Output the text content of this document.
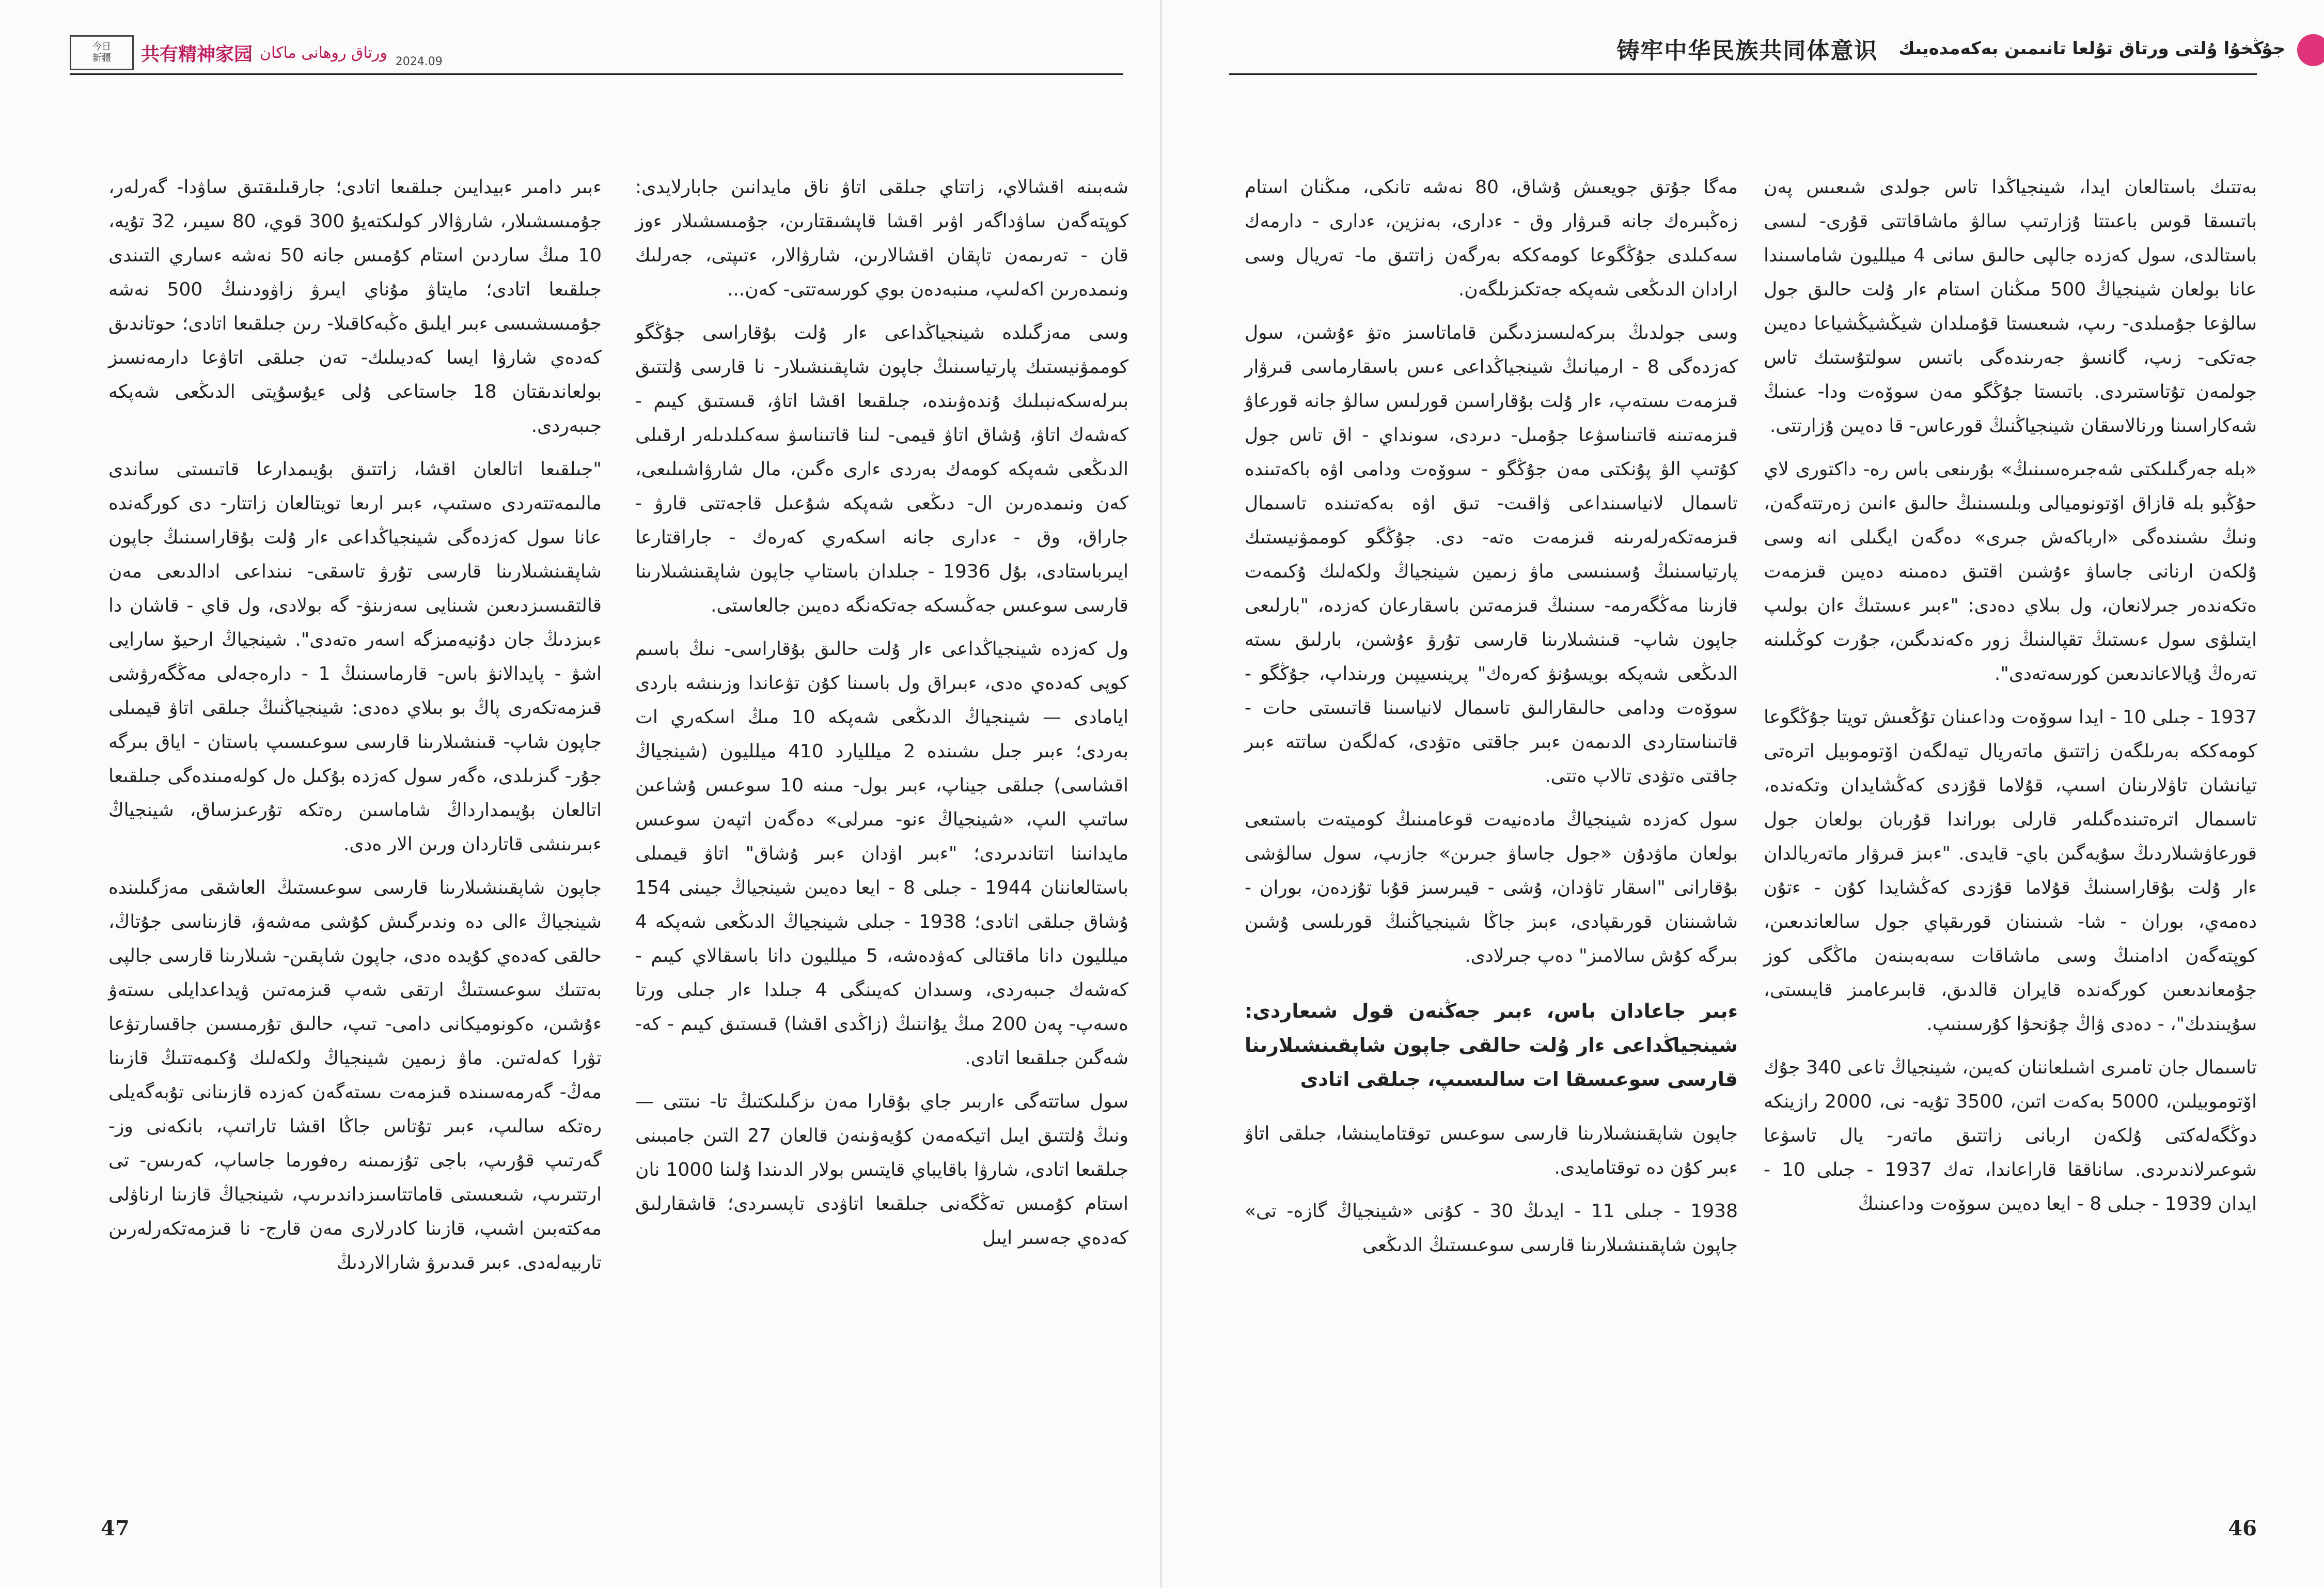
今日
新疆 共有精神家园 ورتاق روھانى ماكان 2024.09

شەبىنە اقشالاي، زاتتاي جىلقى اتاۋ ناق مايدانىن جابارلايدى: كوپتەگەن ساۋداگەر اۋىر اقشا قاپشىقتارىن، جۇمىسشىلار ءوز قان - تەرىمەن تاپقان اقشالارىن، شارۋالار، ءتىپتى، جەرلىك ونىمدەرىن اكەلىپ، مىنبەدەن بوي كورسەتتى- كەن...

وسى مەزگىلدە شينجياڭداعى ءار ۇلت بۇقاراسى جۇڭگو كوممۋنيستىك پارتياسىنىڭ جاپون شاپقىنشىلار- نا قارسى ۇلتتىق بىرلەسكەنبىلىك ۇندەۋىندە، جىلقىعا اقشا اتاۋ، قىستىق كيىم - كەشەك اتاۋ، ۇشاق اتاۋ قيمى- لىنا قاتىناسۋ سەكىلدىلەر ارقىلى الدىڭعى شەپكە كومەك بەردى ءارى ەگىن، مال شارۋاشىلىعى، كەن ونىمدەرىن ال- دىڭعى شەپكە شۇعىل قاجەتتى قارۋ - جاراق، وق - ءدارى جانە اسكەري كەرەك - جاراقتارعا ايىرباستادى، بۇل 1936 - جىلدان باستاپ جاپون شاپقىنشىلارىنا قارسى سوعىس جەڭىسكە جەتكەنگە دەيىن جالعاستى.

ول كەزدە شينجياڭداعى ءار ۇلت حالىق بۇقاراسى- نىڭ باسىم كوپى كەدەي ەدى، ءبىراق ول باسىنا كۇن تۋعاندا وزىنشە باردى ايامادى — شينجياڭ الدىڭعى شەپكە 10 مىڭ اسكەري ات بەردى؛ ءبىر جىل ىشىندە 2 ميلليارد 410 ميلليون (شينجياڭ اقشاسى) جىلقى جيناپ، ءبىر بول- مىنە 10 سوعىس ۇشاعىن ساتىپ الىپ، «شينجياڭ ءنو- مىرلى» دەگەن اتپەن سوعىس مايدانىنا اتتاندىردى؛ "ءبىر اۋدان ءبىر ۇشاق" اتاۋ قيمىلى باستالعاننان 1944 - جىلى 8 - ايعا دەيىن شينجياڭ جيىنى 154 ۇشاق جىلقى اتادى؛ 1938 - جىلى شينجياڭ الدىڭعى شەپكە 4 ميلليون دانا ماقتالى كەۋدەشە، 5 ميلليون دانا باسقالاي كيىم - كەشەك جىبەردى، وسىدان كەيىنگى 4 جىلدا ءار جىلى ورتا ەسەپ- پەن 200 مىڭ يۇاننىڭ (زاڭدى اقشا) قىستىق كيىم - كە- شەگىن جىلقىعا اتادى.

سول ساتتەگى ءاربىر جاي بۇقارا مەن ىزگىلىكتىڭ تا- نىتتى — ونىڭ ۇلتتىق ايىل اتيكەمەن كۇيەۋىنەن قالعان 27 التىن جامبىنى جىلقىعا اتادى، شارۋا باقايباي قايتىس بولار الدىندا ۇلىنا 1000 نان استام كۇمىس تەڭگەنى جىلقىعا اتاۋدى تاپسىردى؛ قاشقارلىق كەدەي جەسىر ايىل

ءبىر دامىر ءبيدايىن جىلقىعا اتادى؛ جارقىلىقتىق ساۋدا- گەرلەر، جۇمىسشىلار، شارۋالار كولىكتەيۇ 300 قوي، 80 سيىر، 32 تۇيە، 10 مىڭ ساردىن استام كۇمىس جانە 50 نەشە ءساري التىندى جىلقىعا اتادى؛ مايتاۋ مۇناي ايىرۋ زاۋودىنىڭ 500 نەشە جۇمىسشىسى ءبىر ايلىق ەڭبەكاقىلا- رىن جىلقىعا اتادى؛ حوتاندىق كەدەي شارۋا ايسا كەديىلىك- تەن جىلقى اتاۋعا دارمەنسىز بولعاندىقتان 18 جاستاعى ۇلى ءيۇسۇپتى الدىڭعى شەپكە جىبەردى.

"جىلقىعا اتالعان اقشا، زاتتىق بۇيىمدارعا قاتىستى ساندى مالىمەتتەردى ەستىپ، ءبىر ارىعا تويتالعان زاتتار- دى كورگەندە عانا سول كەزدەگى شينجياڭداعى ءار ۇلت بۇقاراسىنىڭ جاپون شاپقىنشىلارىنا قارسى تۇرۋ تاسقى- نىنداعى ادالدىعى مەن قالتقىسىزدىعىن شىنايى سەزىنۋ- گە بولادى، ول قاي - قاشان دا ءبىزدىڭ جان دۇنيەمىزگە اسەر ەتەدى". شينجياڭ ارحيۆ سارايى اشۋ - پايدالانۋ باس- قارماسىنىڭ 1 - دارەجەلى مەڭگەرۋشى قىزمەتكەرى پاڭ بو بىلاي دەدى: شينجياڭنىڭ جىلقى اتاۋ قيمىلى جاپون شاپ- قىنشىلارىنا قارسى سوعىسىپ باستان - اياق بىرگە جۇر- گىزىلدى، ەگەر سول كەزدە بۇكىل ەل كولەمىندەگى جىلقىعا اتالعان بۇيىمدارداڭ شاماسىن رەتكە تۇرعىزساق، شينجياڭ ءبىرىنشى قاتاردان ورىن الار ەدى.

جاپون شاپقىنشىلارىنا قارسى سوعىستىڭ العاشقى مەزگىلىندە شينجياڭ ءالى دە وندىرگىش كۇشى مەشەۋ، قازىناسى جۇتاڭ، حالقى كەدەي كۇيدە ەدى، جاپون شاپقىن- شىلارىنا قارسى جالپى بەتتىك سوعىستىڭ ارتقى شەپ قىزمەتىن ۋيداعدايلى ىستەۋ ءۇشىن، ەكونوميكانى دامى- تىپ، حالىق تۇرمىسىن جاقسارتۋعا تۋرا كەلەتىن. ماۋ زىمين شينجياڭ ولكەلىك ۇكىمەتتىڭ قازىنا مەڭ- گەرمەسىندە قىزمەت ىستەگەن كەزدە قازىنانى تۇبەگەيلى رەتكە سالىپ، ءبىر تۇتاس جاڭا اقشا تاراتىپ، بانكەنى وز- گەرتىپ قۇرىپ، باجى تۇزىمىنە رەفورما جاساپ، كەرىس- تى ارتتىرىپ، شىعىستى قاماتتاسىزداندىرىپ، شينجياڭ قازىنا ارناۋلى مەكتەبىن اشىپ، قازىنا كادرلارى مەن قارج- نا قىزمەتكەرلەرىن تاربيەلەدى. ءبىر قىدىرۋ شارالاردىڭ

47
铸牢中华民族共同体意识 جۇڭخۇا ۇلتى ورتاق تۇلعا تانىمىن بەكەمدەيىك

مەگا جۇتق جويعىش ۇشاق، 80 نەشە تانكى، مىڭنان استام زەڭبىرەك جانە قىرۋار وق - ءدارى، بەنزين، ءدارى - دارمەك سەكىلدى جۇڭگوعا كومەككە بەرگەن زاتتىق ما- تەريال وسى ارادان الدىڭعى شەپكە جەتكىزىلگەن.

وسى جولدىڭ بىركەلىسىزدىگىن قاماتاسىز ەتۋ ءۇشىن، سول كەزدەگى 8 - ارميانىڭ شينجياڭداعى ءىس باسقارماسى قىرۋار قىزمەت ىستەپ، ءار ۇلت بۇقاراسىن قورلىس سالۋ جانە قورعاۋ قىزمەتىنە قاتىناسۋعا جۇمىل- دىردى، سونداي - اق تاس جول كۇتىپ الۋ پۇنكتى مەن جۇڭگو - سوۆەت ودامى اۋە باكەتىندە تاسمال لانياسىنداعى ۋاقىت- تىق اۋە بەكەتىندە تاسىمال قىزمەتكەرلەرىنە قىزمەت ەتە- دى. جۇڭگو كوممۋنيستىك پارتياسىنىڭ ۇسىنىسى ماۋ زىمين شينجياڭ ولكەلىك ۇكىمەت قازىنا مەڭگەرمە- سىنىڭ قىزمەتىن باسقارعان كەزدە، "بارلىعى جاپون شاپ- قىنشىلارىنا قارسى تۇرۋ ءۇشىن، بارلىق ىستە الدىڭعى شەپكە بويسۇنۋ كەرەك" پرينسيپىن ورىنداپ، جۇڭگو - سوۆەت ودامى حالىقارالىق تاسمال لانياسىنا قاتىستى حات - قاتىناستاردى الدىمەن ءبىر جاقتى ەتۋدى، كەلگەن ساتتە ءبىر جاقتى ەتۋدى تالاپ ەتتى.

سول كەزدە شينجياڭ مادەنيەت قوعامىنىڭ كوميتەت باستىعى بولعان ماۋدۇن «جول جاساۋ جىرىن» جازىپ، سول سالۋشى بۇقارانى "اسقار تاۋدان، ۇشى - قيىرسىز قۇبا تۇزدەن، بوران - شاشىننان قورىقپادى، ءبىز جاڭا شينجياڭنىڭ قورىلسى ۇشىن بىرگە كۇش سالامىز" دەپ جىرلادى.

ءبىر جاعادان باس، ءبىر جەڭنەن قول شىعاردى: شينجياڭداعى ءار ۇلت حالقى جاپون شاپقىنشىلارىنا قارسى سوعىسقا ات سالىسىپ، جىلقى اتادى

جاپون شاپقىنشىلارىنا قارسى سوعىس توقتامايىنشا، جىلقى اتاۋ ءبىر كۇن دە توقتامايدى.

1938 - جىلى 11 - ايدىڭ 30 - كۇنى «شينجياڭ گازە- تى» جاپون شاپقىنشىلارىنا قارسى سوعىستىڭ الدىڭعى

بەتتىك باستالعان ايدا، شينجياڭدا تاس جولدى شىعىس پەن باتىسقا قوس باعىتتا ۇزارتىپ سالۋ ماشاقاتتى قۇرى- لىسى باستالدى، سول كەزدە جالپى حالىق سانى 4 ميلليون شاماسىندا عانا بولعان شينجياڭ 500 مىڭنان استام ءار ۇلت حالىق جول سالۋعا جۇمىلدى- رىپ، شىعىستا قۇمىلدان شيڭشيڭشياعا دەيىن جەتكى- زىپ، گانسۋ جەرىندەگى باتىس سولتۇستىك تاس جولمەن تۇتاستىردى. باتىستا جۇڭگو مەن سوۆەت ودا- عىنىڭ شەكاراسىنا ورنالاسقان شينجياڭنىڭ قورعاس- قا دەيىن ۇزارتتى.

«بلە جەرگىلىكتى شەجىرەسىنىڭ» بۇرىنعى باس رە- داكتورى لاي حۇڭبو بلە قازاق اۆتونوميالى وبلىسىنىڭ حالىق ءانىن زەرتتەگەن، ونىڭ ىشىندەگى «ارباكەش جىرى» دەگەن ايگىلى انە وسى ۇلكەن ارنانى جاساۋ ءۇشىن اقتىق دەمىنە دەيىن قىزمەت ەتكەندەر جىرلانعان، ول بىلاي دەدى: "ءبىر ءىستىڭ ءان بولىپ ايتىلۋى سول ءىستىڭ تقپالىنىڭ زور ەكەندىگىن، جۇرت كوڭىلىنە تەرەڭ ۇيالاعاندىعىن كورسەتەدى".

1937 - جىلى 10 - ايدا سوۆەت وداعىنان تۇڭعىش تويتا جۇڭگوعا كومەككە بەرىلگەن زاتتىق ماتەريال تيەلگەن اۆتوموبيل اترەتى تيانشان تاۋلارىنان اسىپ، قۇلاما قۇزدى كەڭشايدان وتكەندە، تاسىمال اترەتىندەگىلەر قارلى بوراندا قۇربان بولعان جول قورعاۋشىلاردىڭ سۇيەگىن باي- قايدى. "ءبىز قىرۋار ماتەريالدان ءار ۇلت بۇقاراسىنىڭ قۇلاما قۇزدى كەڭشايدا كۇن - ءتۇن دەمەي، بوران - شا- شىنىنان قورىقپاي جول سالعاندىعىن، كوپتەگەن ادامنىڭ وسى ماشاقات سەبەبىنەن ماڭگى كوز جۇمعاندىعىن كورگەندە قايران قالدىق، قابىرعامىز قايىستى، سۇيىندىك"، - دەدى ۋاڭ چۇنحۋا كۇرسىنىپ.

تاسىمال جان تامىرى اشىلعاننان كەيىن، شينجياڭ تاعى 340 جۇك اۆتوموبيلىن، 5000 بەكەت اتىن، 3500 تۇيە- نى، 2000 رازينكە دوڭگەلەكتى ۇلكەن اربانى زاتتىق ماتەر- يال تاسۋعا شوعىرلاندىردى. ساناققا قاراعاندا، تەك 1937 - جىلى 10 - ايدان 1939 - جىلى 8 - ايعا دەيىن سوۆەت وداعىنىڭ

46
